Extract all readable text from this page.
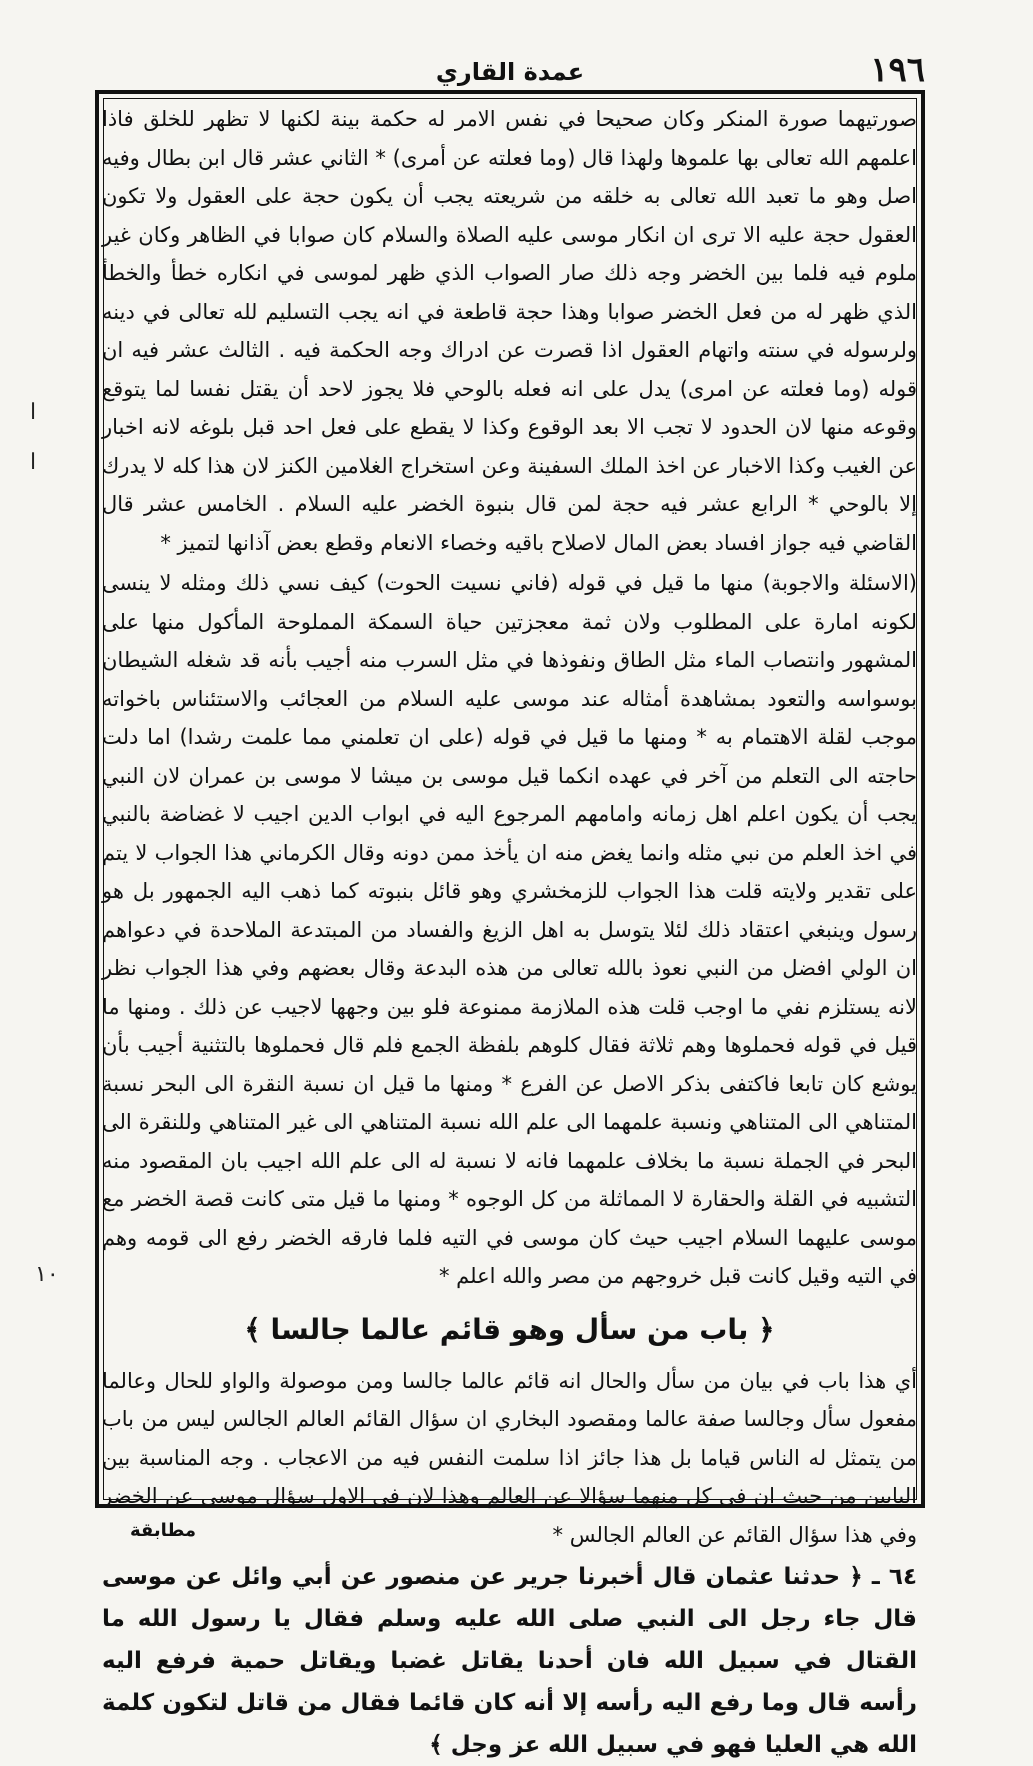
١٩٦
عمدة القاري

صورتيهما صورة المنكر وكان صحيحا في نفس الامر له حكمة بينة لكنها لا تظهر للخلق فاذا اعلمهم الله تعالى بها علموها ولهذا قال (وما فعلته عن أمرى) * الثاني عشر قال ابن بطال وفيه اصل وهو ما تعبد الله تعالى به خلقه من شريعته يجب أن يكون حجة على العقول ولا تكون العقول حجة عليه الا ترى ان انكار موسى عليه الصلاة والسلام كان صوابا في الظاهر وكان غير ملوم فيه فلما بين الخضر وجه ذلك صار الصواب الذي ظهر لموسى في انكاره خطأ والخطأ الذي ظهر له من فعل الخضر صوابا وهذا حجة قاطعة في انه يجب التسليم لله تعالى في دينه ولرسوله في سنته واتهام العقول اذا قصرت عن ادراك وجه الحكمة فيه . الثالث عشر فيه ان قوله (وما فعلته عن امرى) يدل على انه فعله بالوحي فلا يجوز لاحد أن يقتل نفسا لما يتوقع وقوعه منها لان الحدود لا تجب الا بعد الوقوع وكذا لا يقطع على فعل احد قبل بلوغه لانه اخبار عن الغيب وكذا الاخبار عن اخذ الملك السفينة وعن استخراج الغلامين الكنز لان هذا كله لا يدرك إلا بالوحي * الرابع عشر فيه حجة لمن قال بنبوة الخضر عليه السلام . الخامس عشر قال القاضي فيه جواز افساد بعض المال لاصلاح باقيه وخصاء الانعام وقطع بعض آذانها لتميز *

(الاسئلة والاجوبة) منها ما قيل في قوله (فاني نسيت الحوت) كيف نسي ذلك ومثله لا ينسى لكونه امارة على المطلوب ولان ثمة معجزتين حياة السمكة المملوحة المأكول منها على المشهور وانتصاب الماء مثل الطاق ونفوذها في مثل السرب منه أجيب بأنه قد شغله الشيطان بوسواسه والتعود بمشاهدة أمثاله عند موسى عليه السلام من العجائب والاستئناس باخواته موجب لقلة الاهتمام به * ومنها ما قيل في قوله (على ان تعلمني مما علمت رشدا) اما دلت حاجته الى التعلم من آخر في عهده انكما قيل موسى بن ميشا لا موسى بن عمران لان النبي يجب أن يكون اعلم اهل زمانه وامامهم المرجوع اليه في ابواب الدين اجيب لا غضاضة بالنبي في اخذ العلم من نبي مثله وانما يغض منه ان يأخذ ممن دونه وقال الكرماني هذا الجواب لا يتم على تقدير ولايته قلت هذا الجواب للزمخشري وهو قائل بنبوته كما ذهب اليه الجمهور بل هو رسول وينبغي اعتقاد ذلك لئلا يتوسل به اهل الزيغ والفساد من المبتدعة الملاحدة في دعواهم ان الولي افضل من النبي نعوذ بالله تعالى من هذه البدعة وقال بعضهم وفي هذا الجواب نظر لانه يستلزم نفي ما اوجب قلت هذه الملازمة ممنوعة فلو بين وجهها لاجيب عن ذلك . ومنها ما قيل في قوله فحملوها وهم ثلاثة فقال كلوهم بلفظة الجمع فلم قال فحملوها بالتثنية أجيب بأن يوشع كان تابعا فاكتفى بذكر الاصل عن الفرع * ومنها ما قيل ان نسبة النقرة الى البحر نسبة المتناهي الى المتناهي ونسبة علمهما الى علم الله نسبة المتناهي الى غير المتناهي وللنقرة الى البحر في الجملة نسبة ما بخلاف علمهما فانه لا نسبة له الى علم الله اجيب بان المقصود منه التشبيه في القلة والحقارة لا المماثلة من كل الوجوه * ومنها ما قيل متى كانت قصة الخضر مع موسى عليهما السلام اجيب حيث كان موسى في التيه فلما فارقه الخضر رفع الى قومه وهم في التيه وقيل كانت قبل خروجهم من مصر والله اعلم *

﴿ باب من سأل وهو قائم عالما جالسا ﴾

أي هذا باب في بيان من سأل والحال انه قائم عالما جالسا ومن موصولة والواو للحال وعالما مفعول سأل وجالسا صفة عالما ومقصود البخاري ان سؤال القائم العالم الجالس ليس من باب من يتمثل له الناس قياما بل هذا جائز اذا سلمت النفس فيه من الاعجاب . وجه المناسبة بين البابين من حيث ان في كل منهما سؤالا عن العالم وهذا لان في الاول سؤال موسى عن الخضر وفي هذا سؤال القائم عن العالم الجالس *

٦٤ ـ ﴿ حدثنا عثمان قال أخبرنا جرير عن منصور عن أبي وائل عن موسى قال جاء رجل الى النبي صلى الله عليه وسلم فقال يا رسول الله ما القتال في سبيل الله فان أحدنا يقاتل غضبا ويقاتل حمية فرفع اليه رأسه قال وما رفع اليه رأسه إلا أنه كان قائما فقال من قاتل لتكون كلمة الله هي العليا فهو في سبيل الله عز وجل ﴾

ا
ا
١٠
مطابقة
